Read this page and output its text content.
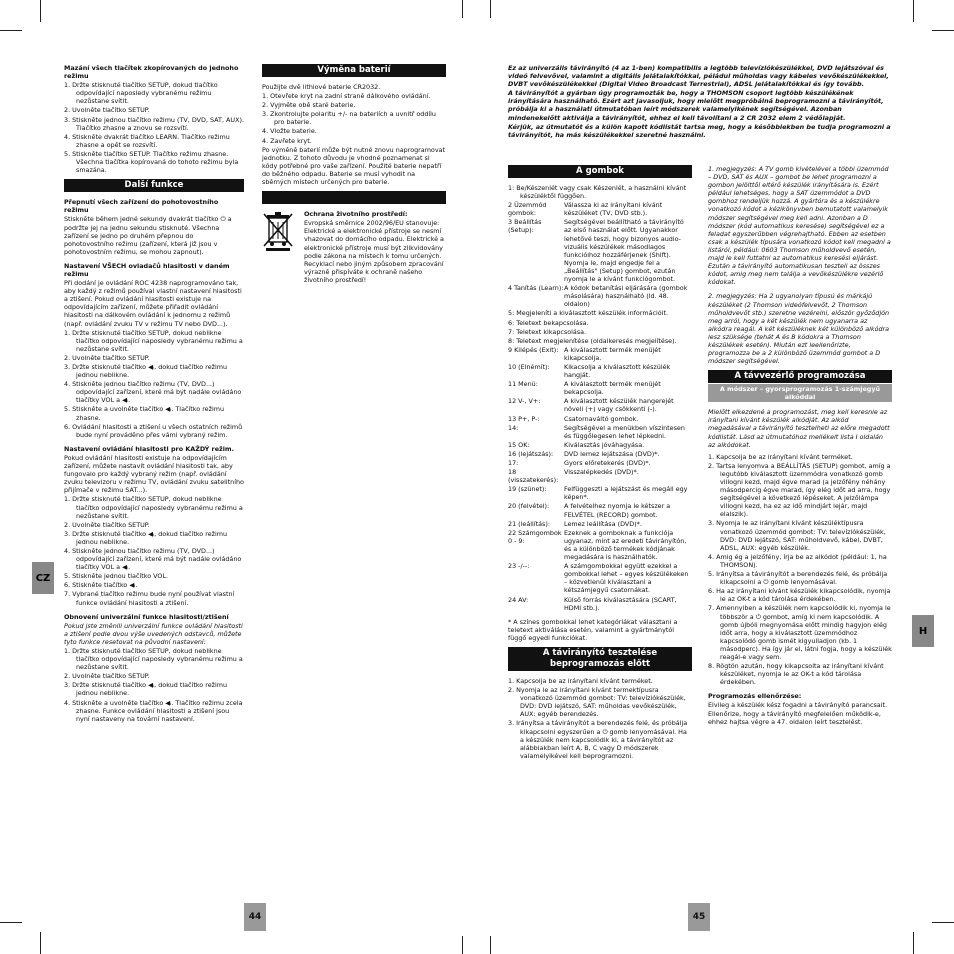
CZ
H
44	45

Mazání všech tlačítek zkopírovaných do jednoho režimu

1. Držte stisknuté tlačítko SETUP, dokud tlačítko odpovídající naposledy vybranému režimu nezůstane svítit.

2. Uvolněte tlačítko SETUP.

3. Stiskněte jednou tlačítko režimu (TV, DVD, SAT, AUX). Tlačítko zhasne a znovu se rozsvítí.

4. Stiskněte dvakrát tlačítko LEARN. Tlačítko režimu zhasne a opět se rozsvítí.

5. Stiskněte tlačítko SETUP. Tlačítko režimu zhasne. Všechna tlačítka kopírovaná do tohoto režimu byla smazána.

Další funkce

Přepnutí všech zařízení do pohotovostního režimu

Stiskněte během jedné sekundy dvakrát tlačítko ⏻ a podržte jej na jednu sekundu stisknuté. Všechna zařízení se jedno po druhém přepnou do pohotovostního režimu (zařízení, která již jsou v pohotovostním režimu, se mohou zapnout).

Nastavení VŠECH ovladačů hlasitosti v daném režimu

Při dodání je ovládání ROC 4238 naprogramováno tak, aby každý z režimů používal vlastní nastavení hlasitosti a ztišení. Pokud ovládání hlasitosti existuje na odpovídajícím zařízení, můžete přiřadit ovládání hlasitosti na dálkovém ovládání k jednomu z režimů (např. ovládání zvuku TV v režimu TV nebo DVD...).

1. Držte stisknuté tlačítko SETUP, dokud neblikne tlačítko odpovídající naposledy vybranému režimu a nezůstane svítit.

2. Uvolněte tlačítko SETUP.

3. Držte stisknuté tlačítko ◀ᵢ, dokud tlačítko režimu jednou neblikne.

4. Stiskněte jednou tlačítko režimu (TV, DVD...) odpovídající zařízení, které má být nadále ovládáno tlačítky VOL a ◀ᵢ.

5. Stiskněte a uvolněte tlačítko ◀ᵢ. Tlačítko režimu zhasne.

6. Ovládání hlasitosti a ztišení u všech ostatních režimů bude nyní prováděno přes vámi vybraný režim.

Nastavení ovládání hlasitosti pro KAŽDÝ režim.

Pokud ovládání hlasitosti existuje na odpovídajícím zařízení, můžete nastavit ovládání hlasitosti tak, aby fungovalo pro každý vybraný režim (např. ovládání zvuku televizoru v režimu TV, ovládání zvuku satelitního přijímače v režimu SAT...).

1. Držte stisknuté tlačítko SETUP, dokud neblikne tlačítko odpovídající naposledy vybranému režimu a nezůstane svítit.

2. Uvolněte tlačítko SETUP.

3. Držte stisknuté tlačítko ◀ᵢ, dokud tlačítko režimu jednou neblikne.

4. Stiskněte jednou tlačítko režimu (TV, DVD...) odpovídající zařízení, které má být nadále ovládáno tlačítky VOL a ◀ᵢ.

5. Stiskněte jednou tlačítko VOL.

6. Stiskněte tlačítko ◀ᵢ.

7. Vybrané tlačítko režimu bude nyní používat vlastní funkce ovládání hlasitosti a ztišení.

Obnovení univerzální funkce hlasitosti/ztišení

Pokud jste změnili univerzální funkce ovládání hlasitosti a ztišení podle dvou výše uvedených odstavců, můžete tyto funkce resetovat na původní nastavení:

1. Držte stisknuté tlačítko SETUP, dokud neblikne tlačítko odpovídající naposledy vybranému režimu a nezůstane svítit.

2. Uvolněte tlačítko SETUP.

3. Držte stisknuté tlačítko ◀ᵢ, dokud tlačítko režimu jednou neblikne.

4. Stiskněte a uvolněte tlačítko ◀ᵢ. Tlačítko režimu zcela zhasne. Funkce ovládání hlasitosti a ztišení jsou nyní nastaveny na tovární nastavení.

Výměna baterií

Použijte dvě lithiové baterie CR2032.

1. Otevřete kryt na zadní straně dálkového ovládání.

2. Vyjměte obě staré baterie.

3. Zkontrolujte polaritu +/- na bateriích a uvnitř oddílu pro baterie.

4. Vložte baterie.

4. Zavřete kryt.

Po výměně baterií může být nutné znovu naprogramovat jednotku. Z tohoto důvodu je vhodné poznamenat si kódy potřebné pro vaše zařízení. Použité baterie nepatří do běžného odpadu. Baterie se musí vyhodit na sběrných místech určených pro baterie.

Ochrana životního prostředí:

Evropská směrnice 2002/96/EU stanovuje: Elektrické a elektronické přístroje se nesmí vhazovat do domácího odpadu. Elektrické a elektronické přístroje musí být zlikvidovány podle zákona na místech k tomu určených. Recyklací nebo jiným způsobem zpracování výrazně přispíváte k ochraně našeho životního prostředí!

Ez az univerzális távirányító (4 az 1-ben) kompatibilis a legtöbb televíziókészülékkel, DVD lejátszóval és videó felvevővel, valamint a digitális jelátalakítókkal, péládul műholdas vagy kábeles vevőkészülékekkel, DVBT vevőkészülékekkel (Digital Video Broadcast Terrestrial), ADSL jelátalakítókkal és így tovább.

A távirányítót a gyárban úgy programozták be, hogy a THOMSON csoport legtöbb készülékének irányítására használható. Ezért azt javasoljuk, hogy mielőtt megpróbálná beprogramozni a távirányítót, próbálja ki a használati útmutatóban leírt módszerek valamelyikének segítségével. Azonban mindenekelőtt aktiválja a távirányítót, ehhez el kell távolítani a 2 CR 2032 elem 2 védőlapját.

Kérjük, az útmutatót és a külön kapott kódlistát tartsa meg, hogy a későbbiekben be tudja programozni a távirányítót, ha más készülékekkel szeretné használni.

A gombok
1: Be/Készenlét vagy csak Készenlét, a használni kívánt készüléktől függően.
2 Üzemmód gombok:
Válassza ki az irányítani kívánt készüléket (TV, DVD stb.).
3 Beállítás (Setup):
Segítségével beállítható a távirányító az első használat előtt. Ugyanakkor lehetővé teszi, hogy bizonyos audio-vizuális készülékek másodlagos funkcióihoz hozzáférjenek (Shift). Nyomja le, majd engedje fel a „Beállítás" (Setup) gombot, ezután nyomja le a kívánt funkciógombot.
4 Tanítás (Learn): A kódok betanítási eljárására (gombok másolására) használható (ld. 48. oldalon)
5: Megjeleníti a kiválasztott készülék információit.
6: Teletext bekapcsolása.
7: Teletext kikapcsolása.
8: Teletext megjelenítése (oldalkeresés megjelítése).
9 Kilépés (Exit): A kiválasztott termék menüjét kikapcsolja.
10 (Elnémít):	Kikacsolja a kiválasztott készülék hangját.
11 Menü:	A kiválasztott termék menüjét bekapcsolja.
12 V-, V+:	A kiválasztott készülék hangerejét növeli (+) vagy csökkenti (-).
13 P+, P-:	Csatornaváltó gombok.
14:	Segítségével a menükben víszintesen és függőlegesen lehet lépkedni.
15 OK:	Kiválasztás jóváhagyása.
16 (lejátszás):	DVD lemez lejátszása (DVD)*.
17:	Gyors előretekerés (DVD)*.
18 (visszatekerés):
Visszalépkedés (DVD)*.
19 (szünet):	Felfüggeszti a lejátszást és megáll egy képen*.
20 (felvétel):	A felvételhez nyomja le kétszer a FELVÉTEL (RECORD) gombot.
21 (leállítás):	Lemez leállítása (DVD)*.
22 Számgombok 0 - 9:
Ezeknek a gomboknak a funkciója ugyanaz, mint az eredeti távirányítón, és a különböző termékek kódjának megadására is használhatók.
23 -/--:	A számgombokkal együtt ezekkel a gombokkal lehet – egyes készülékeken – közvetlenül kiválasztani a kétszámjegyű csatornákat.
24 AV:	Külső forrás kiválasztására (SCART, HDMI stb.).

* A színes gombokkal lehet kategóriákat választani a teletext aktiválása esetén, valamint a gyártmánytól függő egyedi funkciókat.

A távirányító tesztelése beprogramozás előtt

1. Kapcsolja be az irányítani kívánt terméket.

2. Nyomja le az irányítani kívánt termektípusra vonatkozó üzemmód gombot: TV: televíziókészülék, DVD: DVD lejátszó, SAT: műholdas vevőkészülék, AUX: egyéb berendezés.

3. Irányítsa a távirányítót a berendezés felé, és próbálja kikapcsolni egyszerűen a ⏻ gomb lenyomásával. Ha a készülék nem kapcsolódik ki, a távirányítót az alábbiakban leírt A, B, C vagy D módszerek valamelyikével kell beprogramozni.

1. megjegyzés: A TV gomb kivételével a többi üzemmód – DVD, SAT és AUX – gombot be lehet programozni a gombon jelölttől eltérő készülék irányítására is. Ezért például lehetséges, hogy a SAT üzemmódot a DVD gombhoz rendeljük hozzá. A gyártóra és a készülékre vonatkozó kódot a kézikönyvben bemutatott valamelyik módszer segítségével meg kell adni. Azonban a D módszer (kód automatikus keresése) segítségével ez a feladat egyszerűbben végrehajtható. Ebben az esetben csak a készülék típusára vonatkozó kódot kell megadni a listáról, például: 0603 Thomson műholdvevő esetén, majd le kell futtatni az automatikus keresési eljárást. Ezután a távirányító automatikusan teszteli az összes kódot, amig meg nem találja a vevőkészülékre vezérlő kódokat.

2. megjegyzés: Ha 2 ugyanolyan típusú és márkájú készüléket (2 Thomson videófelvevőt, 2 Thomson műholdvevőt stb.) szeretne vezérelni, először győződjön meg arról, hogy a két készülék nem ugyanarra az alkódra reagál. A két készüléknek két különböző alkódra lesz szüksége (tehát A és B kódokra a Thomson készülékek esetén). Miután ezt leellenőrizte, programozza be a 2 különböző üzemmód gombot a D módszer segítségével.

A távvezérlő programozása
A módszer – gyorsprogramozás 1-számjegyű alkóddal

Mielőtt elkezdené a programozást, meg kell keresnie az irányítani kívánt készülék alkódját. Az alkód megadásával a távirányító tesztelheti az előre megadott kódlistát. Lásd az útmutatóhoz mellékelt lista I oldalán az alkódokat.

1. Kapcsolja be az irányítani kívánt terméket.

2. Tartsa lenyomva a BEÁLLÍTÁS (SETUP) gombot, amíg a legutóbb kiválasztott üzemmódra vonatkozó gomb villogni kezd, majd égve marad (a jelzőfény néhány másodpercig égve marad, így elég időt ad arra, hogy segítségével a következő lépéseket. A jelzőlámpa villogni kezd, ha ez az idő mindjárt lejár, majd elalszik).

3. Nyomja le az irányítani kívánt készüléktípusra vonatkozó üzemmód gombot: TV: televíziókészülék, DVD: DVD lejátszó, SAT: műholdvevő, kábel, DVBT, ADSL, AUX: egyéb készülék.

4. Amig ég a jelzőfény, írja be az alkódot (például: 1, ha THOMSON).

5. Irányítsa a távirányítót a berendezés felé, és próbálja kikapcsolni a ⏻ gomb lenyomásával.

6. Ha az irányítani kívánt készülék kikapcsolódik, nyomja le az OK-t a kód tárolása érdekében.

7. Amennyiben a készülék nem kapcsolódik ki, nyomja le többször a ⏻ gombot, amíg ki nem kapcsolódik. A gomb újbóli megnyomása előtt mindig hagyjon elég időt arra, hogy a kiválasztott üzemmódhoz kapcsolódó gomb ismét kigyulladjon (kb. 1 másodperc). Ha így jár el, látni fogja, hogy a készülék reagál-e vagy sem.

8. Rögtön azután, hogy kikapcsolta az irányítani kívánt készüléket, nyomja le az OK-t a kód tárolása érdekében.

Programozás ellenőrzése:

Elvileg a készülék kész fogadni a távirányító parancsait. Ellenőrize, hogy a távirányító megfelelően működik-e, ehhez hajtsa végre a 47. oldalon leírt tesztelést.
